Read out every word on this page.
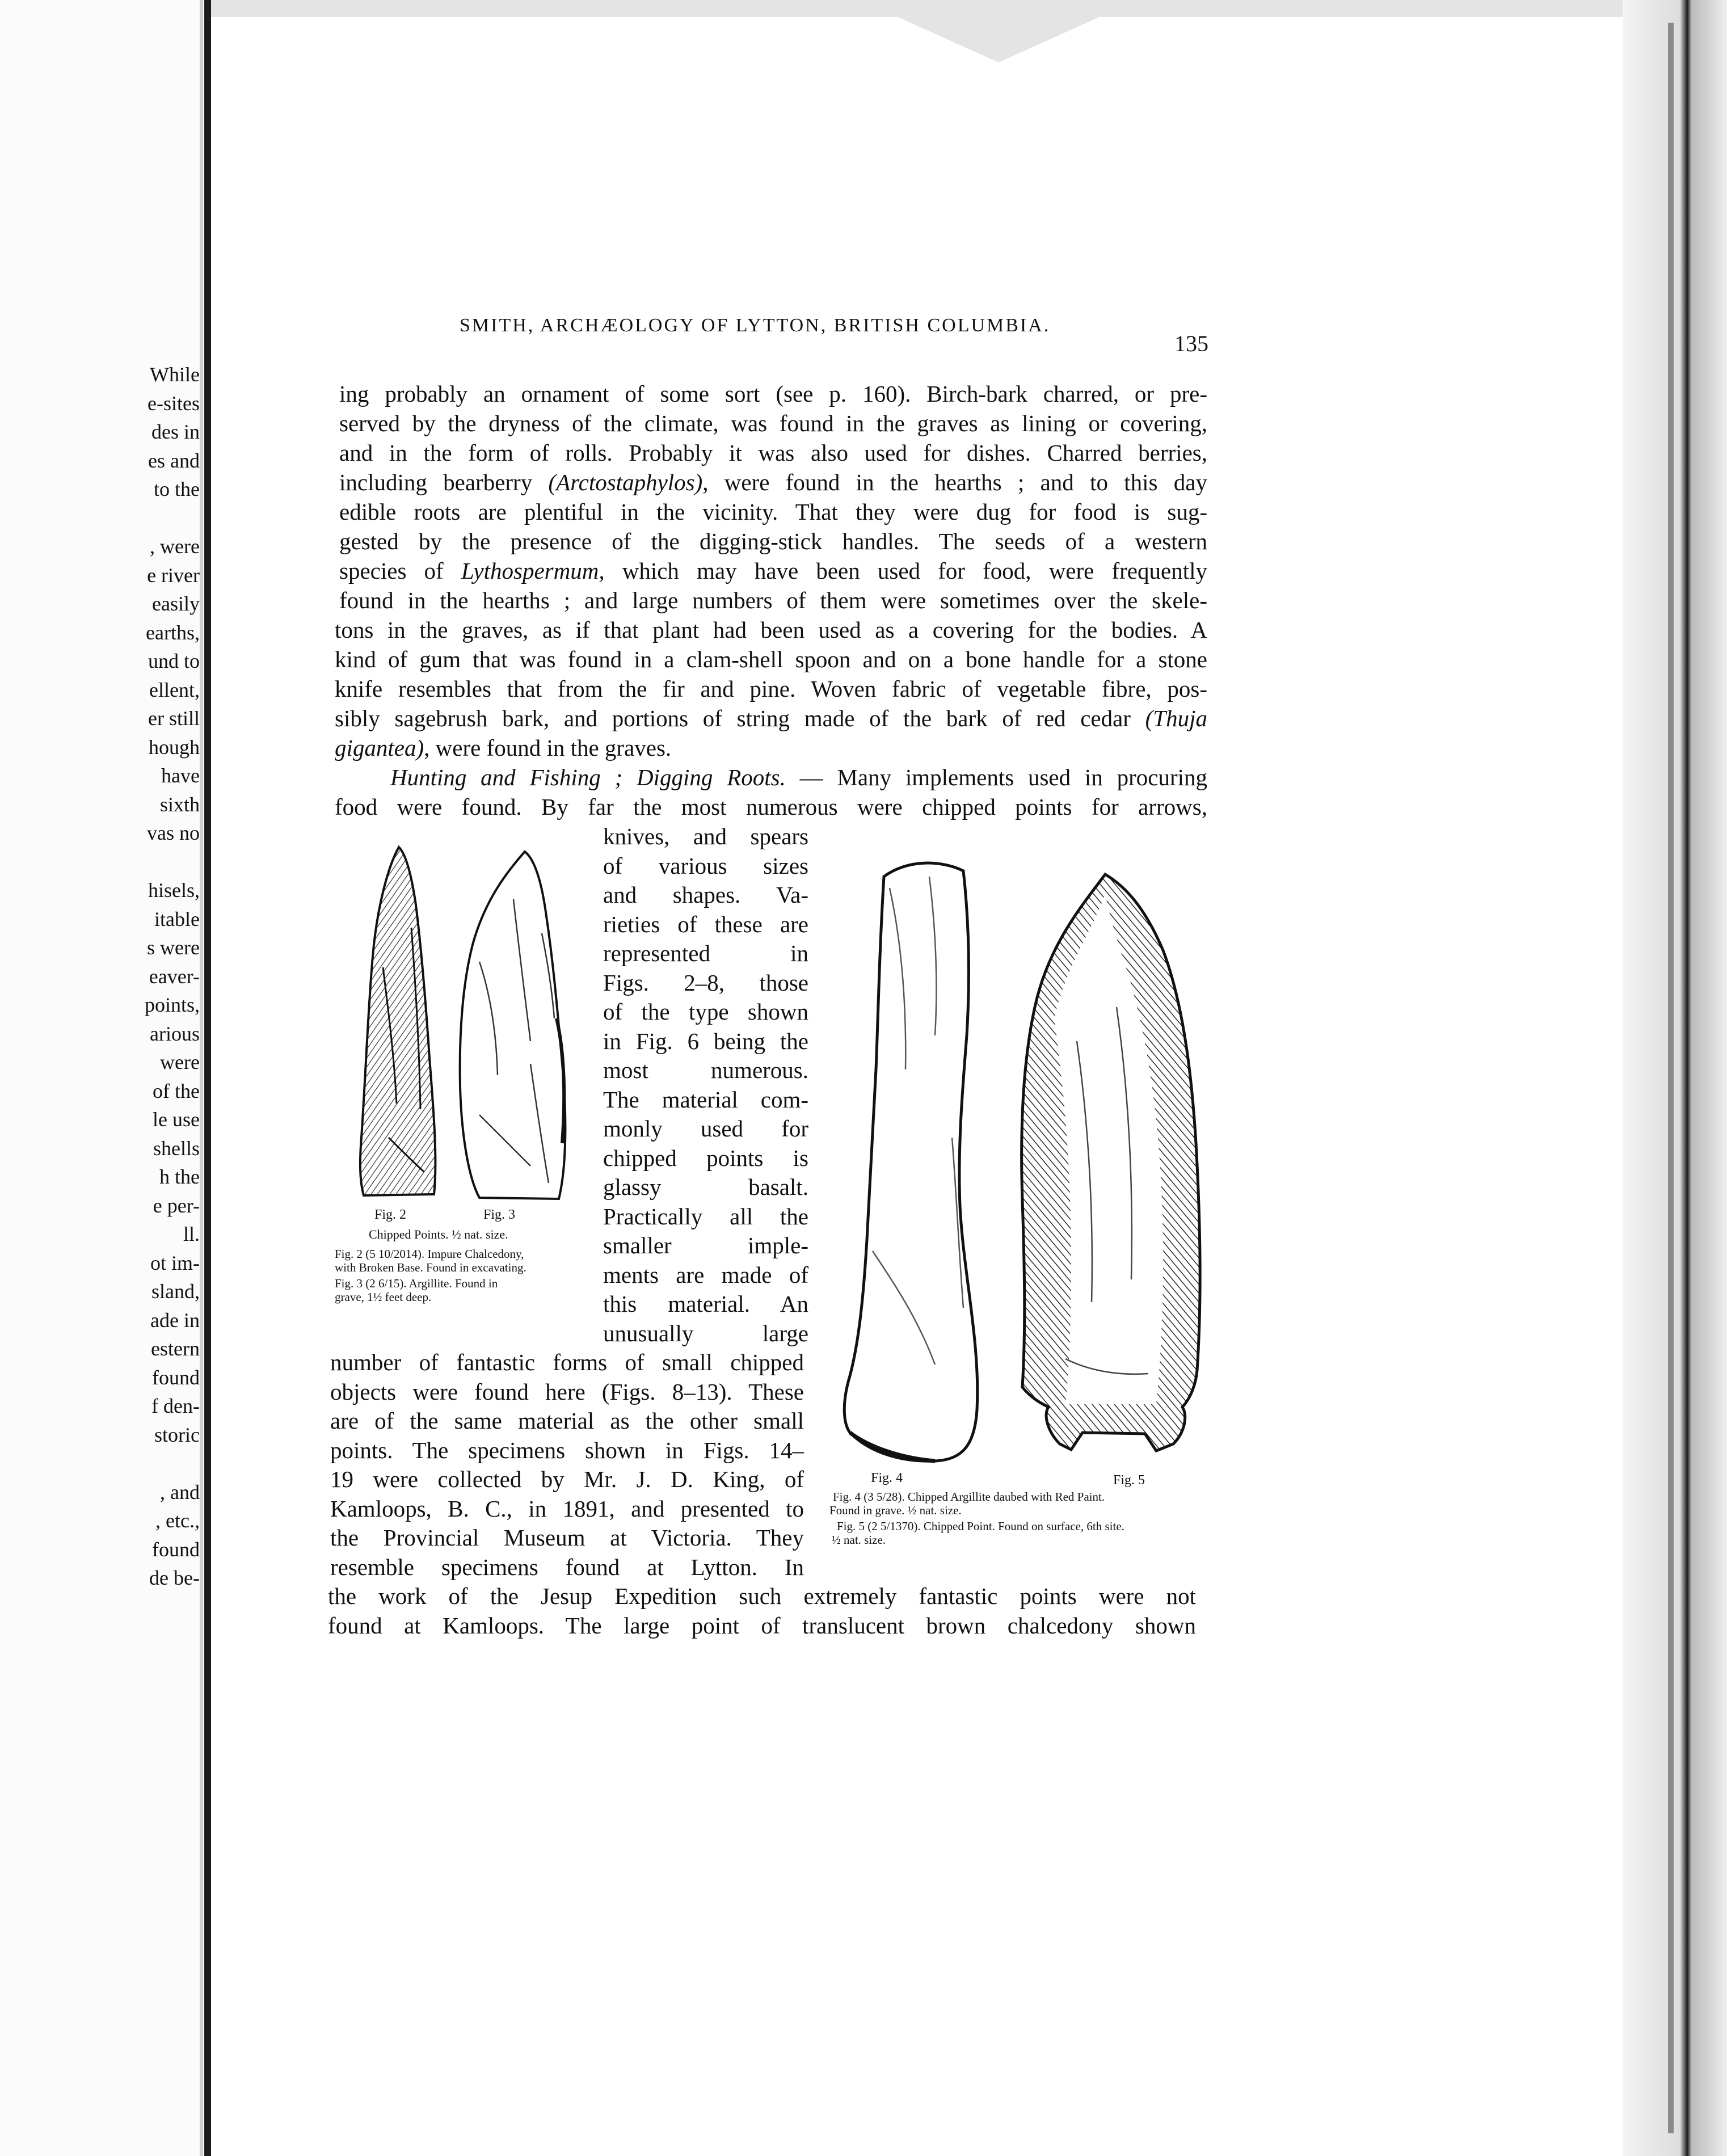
While
e-sites
des in
es and
to the
, were
e river
easily
earths,
und to
ellent,
er still
hough
have
sixth
vas no
hisels,
itable
s were
eaver-
points,
arious
were
of the
le use
shells
h the
e per-
ll.
ot im-
sland,
ade in
estern
found
f den-
storic
, and
, etc.,
found
de be-
SMITH, ARCHÆOLOGY OF LYTTON, BRITISH COLUMBIA.
135
ing probably an ornament of some sort (see p. 160). Birch-bark charred, or pre-
served by the dryness of the climate, was found in the graves as lining or covering,
and in the form of rolls. Probably it was also used for dishes. Charred berries,
including bearberry (Arctostaphylos), were found in the hearths ; and to this day
edible roots are plentiful in the vicinity. That they were dug for food is sug-
gested by the presence of the digging-stick handles. The seeds of a western
species of Lythospermum, which may have been used for food, were frequently
found in the hearths ; and large numbers of them were sometimes over the skele-
tons in the graves, as if that plant had been used as a covering for the bodies. A
kind of gum that was found in a clam-shell spoon and on a bone handle for a stone
knife resembles that from the fir and pine. Woven fabric of vegetable fibre, pos-
sibly sagebrush bark, and portions of string made of the bark of red cedar (Thuja
gigantea), were found in the graves.
Hunting and Fishing ; Digging Roots. — Many implements used in procuring
food were found. By far the most numerous were chipped points for arrows,
knives, and spears
of various sizes
and shapes. Va-
rieties of these are
represented in
Figs. 2–8, those
of the type shown
in Fig. 6 being the
most numerous.
The material com-
monly used for
chipped points is
glassy basalt.
Practically all the
smaller imple-
ments are made of
this material. An
unusually large
number of fantastic forms of small chipped
objects were found here (Figs. 8–13). These
are of the same material as the other small
points. The specimens shown in Figs. 14–
19 were collected by Mr. J. D. King, of
Kamloops, B. C., in 1891, and presented to
the Provincial Museum at Victoria. They
resemble specimens found at Lytton. In
the work of the Jesup Expedition such extremely fantastic points were not
found at Kamloops. The large point of translucent brown chalcedony shown
Fig. 2	Fig. 3
Chipped Points. ½ nat. size.
Fig. 2 (5 10/2014). Impure Chalcedony,
with Broken Base. Found in excavating.
Fig. 3 (2 6/15). Argillite. Found in
grave, 1½ feet deep.
Fig. 4	Fig. 5
Fig. 4 (3 5/28). Chipped Argillite daubed with Red Paint.
Found in grave. ½ nat. size.
Fig. 5 (2 5/1370). Chipped Point. Found on surface, 6th site.
½ nat. size.
